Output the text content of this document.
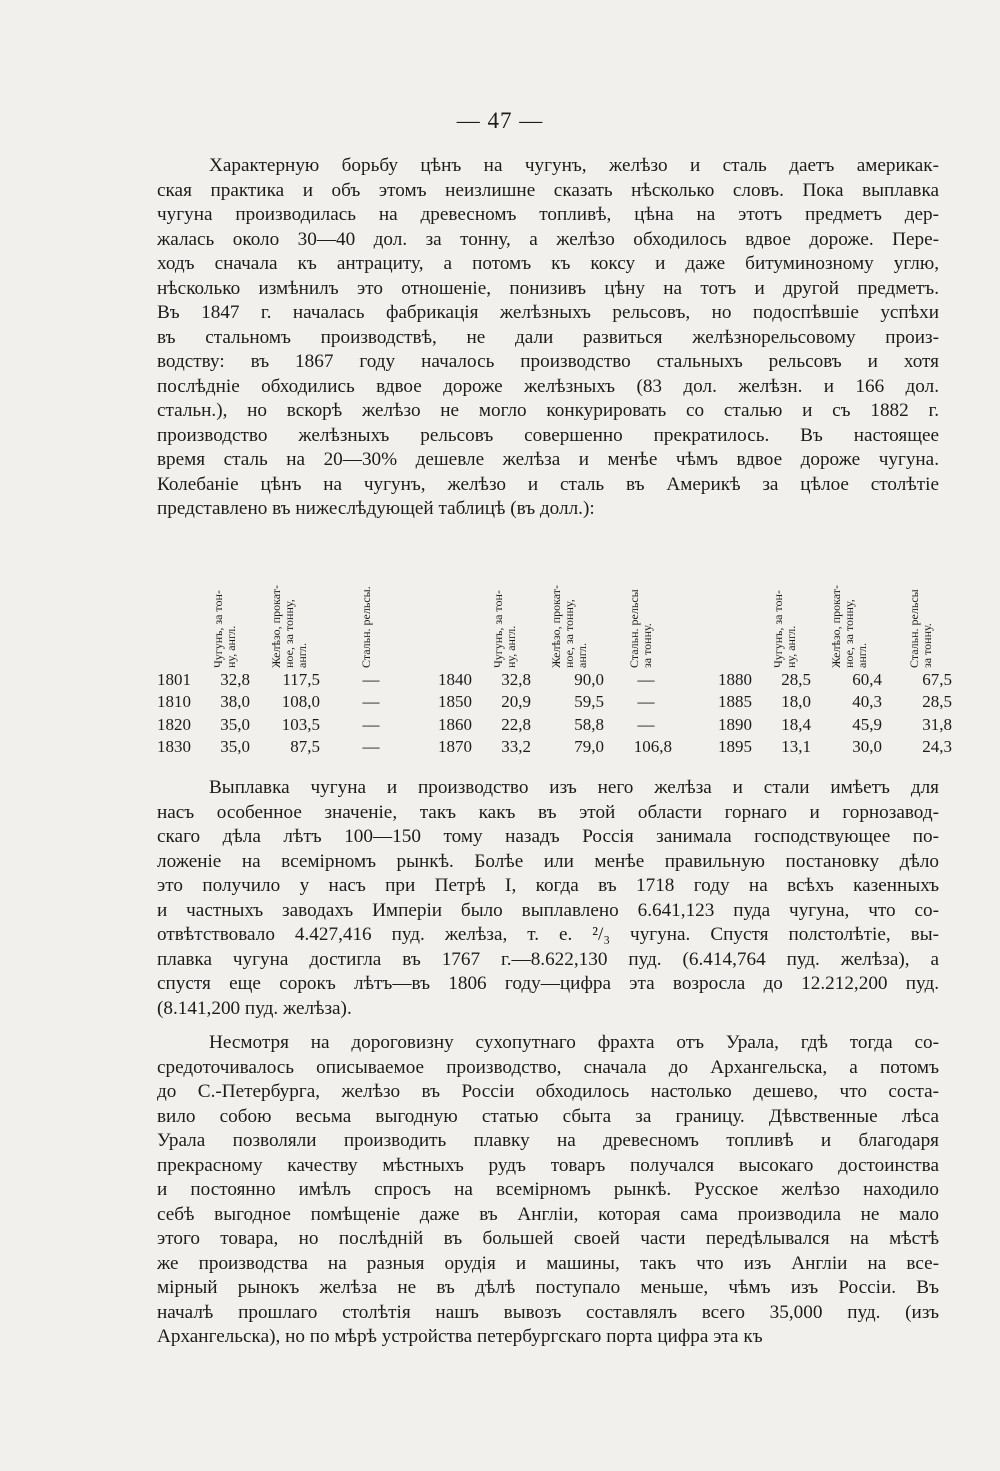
— 47 —
Характерную борьбу цѣнъ на чугунъ, желѣзо и сталь даетъ америкак-
ская практика и объ этомъ неизлишне сказать нѣсколько словъ. Пока выплавка
чугуна производилась на древесномъ топливѣ, цѣна на этотъ предметъ дер-
жалась около 30—40 дол. за тонну, а желѣзо обходилось вдвое дороже. Пере-
ходъ сначала къ антрациту, а потомъ къ коксу и даже битуминозному углю,
нѣсколько измѣнилъ это отношеніе, понизивъ цѣну на тотъ и другой предметъ.
Въ 1847 г. началась фабрикація желѣзныхъ рельсовъ, но подоспѣвшіе успѣхи
въ стальномъ производствѣ, не дали развиться желѣзнорельсовому произ-
водству: въ 1867 году началось производство стальныхъ рельсовъ и хотя
послѣдніе обходились вдвое дороже желѣзныхъ (83 дол. желѣзн. и 166 дол.
стальн.), но вскорѣ желѣзо не могло конкурировать со сталью и съ 1882 г.
производство желѣзныхъ рельсовъ совершенно прекратилось. Въ настоящее
время сталь на 20—30% дешевле желѣза и менѣе чѣмъ вдвое дороже чугуна.
Колебаніе цѣнъ на чугунъ, желѣзо и сталь въ Америкѣ за цѣлое столѣтіе
представлено въ нижеслѣдующей таблицѣ (въ долл.):
Чугунъ, за тон-
ну, англ.	Желѣзо, прокат-
ное, за тонну,
англ.	Стальн. рельсы.	Чугунъ, за тон-
ну, англ.	Желѣзо, прокат-
ное, за тонну,
англ.	Стальн. рельсы
за тонну.	Чугунъ, за тон-
ну, англ.	Желѣзо, прокат-
ное, за тонну,
англ.	Стальн. рельсы
за тонну.
1801	32,8	117,5	—	1840	32,8	90,0	—	1880	28,5	60,4	67,5
1810	38,0	108,0	—	1850	20,9	59,5	—	1885	18,0	40,3	28,5
1820	35,0	103,5	—	1860	22,8	58,8	—	1890	18,4	45,9	31,8
1830	35,0	87,5	—	1870	33,2	79,0	106,8	1895	13,1	30,0	24,3
Выплавка чугуна и производство изъ него желѣза и стали имѣетъ для
насъ особенное значеніе, такъ какъ въ этой области горнаго и горнозавод-
скаго дѣла лѣтъ 100—150 тому назадъ Россія занимала господствующее по-
ложеніе на всемірномъ рынкѣ. Болѣе или менѣе правильную постановку дѣло
это получило у насъ при Петрѣ I, когда въ 1718 году на всѣхъ казенныхъ
и частныхъ заводахъ Имперіи было выплавлено 6.641,123 пуда чугуна, что со-
отвѣтствовало 4.427,416 пуд. желѣза, т. е. ²/₃ чугуна. Спустя полстолѣтіе, вы-
плавка чугуна достигла въ 1767 г.—8.622,130 пуд. (6.414,764 пуд. желѣза), а
спустя еще сорокъ лѣтъ—въ 1806 году—цифра эта возросла до 12.212,200 пуд.
(8.141,200 пуд. желѣза).
Несмотря на дороговизну сухопутнаго фрахта отъ Урала, гдѣ тогда со-
средоточивалось описываемое производство, сначала до Архангельска, а потомъ
до С.-Петербурга, желѣзо въ Россіи обходилось настолько дешево, что соста-
вило собою весьма выгодную статью сбыта за границу. Дѣвственные лѣса
Урала позволяли производить плавку на древесномъ топливѣ и благодаря
прекрасному качеству мѣстныхъ рудъ товаръ получался высокаго достоинства
и постоянно имѣлъ спросъ на всемірномъ рынкѣ. Русское желѣзо находило
себѣ выгодное помѣщеніе даже въ Англіи, которая сама производила не мало
этого товара, но послѣдній въ большей своей части передѣлывался на мѣстѣ
же производства на разныя орудія и машины, такъ что изъ Англіи на все-
мірный рынокъ желѣза не въ дѣлѣ поступало меньше, чѣмъ изъ Россіи. Въ
началѣ прошлаго столѣтія нашъ вывозъ составлялъ всего 35,000 пуд. (изъ
Архангельска), но по мѣрѣ устройства петербургскаго порта цифра эта къ
